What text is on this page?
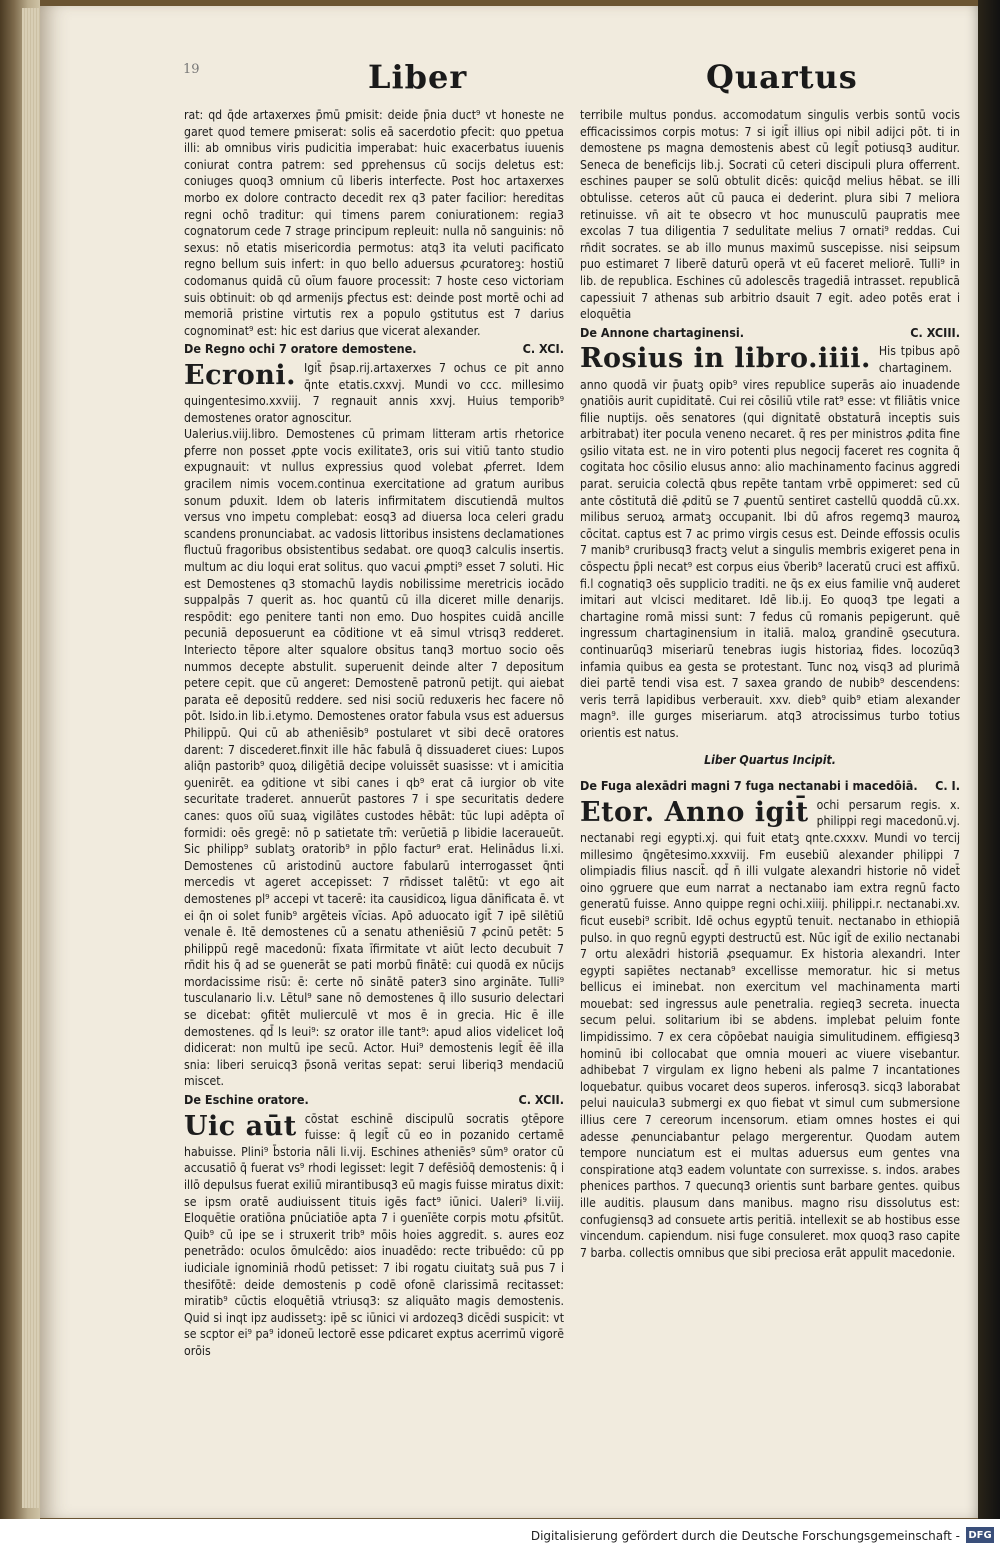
19	Liber	Quartus

rat: qd q̄de artaxerxes p̄mū ꝑmisit: deide p̄nia duct⁹ vt honeste ne garet quod temere ꝑmiserat: solis eā sacerdotio ꝑfecit: quo ꝑpetua illi: ab omnibus viris pudicitia imperabat: huic exacerbatus iuuenis coniurat contra patrem: sed ꝑprehensus cū socijs deletus est: coniuges quoq3 omnium cū liberis interfecte. Post hoc artaxerxes morbo ex dolore contracto decedit rex q3 pater facilior: hereditas regni ochō traditur: qui timens parem coniurationem: regia3 cognatorum cede 7 strage principum repleuit: nulla nō sanguinis: nō sexus: nō etatis misericordia permotus: atq3 ita veluti pacificato regno bellum suis infert: in quo bello aduersus ꝓcuratoreꝫ: hostiū codomanus quidā cū oīum fauore processit: 7 hoste ceso victoriam suis obtinuit: ob qd armenijs ꝑfectus est: deinde post mortē ochi ad memoriā pristine virtutis rex a populo ꝯstitutus est 7 darius cognominat⁹ est: hic est darius que vicerat alexander.

De Regno ochi 7 oratore demostene.	C. XCI.

Ecroni. Igit̄ p̄sap.rij.artaxerxes 7 ochus ce pit anno q̄nte etatis.cxxvj. Mundi vo ccc. millesimo quingentesimo.xxviij. 7 regnauit annis xxvj. Huius temporib⁹ demostenes orator agnoscitur.

Ualerius.viij.libro. Demostenes cū primam litteram artis rhetorice ꝑferre non posset ꝓpte vocis exilitate3, oris sui vitiū tanto studio expugnauit: vt nullus expressius quod volebat ꝓferret. Idem gracilem nimis vocem.continua exercitatione ad gratum auribus sonum ꝑduxit. Idem ob lateris infirmitatem discutiendā multos versus vno impetu complebat: eosq3 ad diuersa loca celeri gradu scandens pronunciabat. ac vadosis littoribus insistens declamationes fluctuū fragoribus obsistentibus sedabat. ore quoq3 calculis insertis. multum ac diu loqui erat solitus. quo vacui ꝓmpti⁹ esset 7 soluti. Hic est Demostenes q3 stomachū laydis nobilissime meretricis iocādo suppalpās 7 querit as. hoc quantū cū illa diceret mille denarijs. respōdit: ego penitere tanti non emo. Duo hospites cuidā ancille pecuniā deposuerunt ea cōditione vt eā simul vtrisq3 redderet. Interiecto tēpore alter squalore obsitus tanq3 mortuo socio oēs nummos decepte abstulit. superuenit deinde alter 7 depositum petere cepit. que cū angeret: Demostenē patronū petijt. qui aiebat parata eē depositū reddere. sed nisi sociū reduxeris hec facere nō pōt. Isido.in lib.i.etymo. Demostenes orator fabula vsus est aduersus Philippū. Qui cū ab atheniēsib⁹ postularet vt sibi decē oratores darent: 7 discederet.finxit ille hāc fabulā q̄ dissuaderet ciues: Lupos aliq̄n pastorib⁹ quoꝝ diligētiā decipe voluissēt suasisse: vt i amicitia ꝯuenirēt. ea ꝯditione vt sibi canes i qb⁹ erat cā iurgior ob vite securitate traderet. annuerūt pastores 7 i spe securitatis dedere canes: quos oīū suaꝝ vigilātes custodes hēbāt: tūc lupi adēpta oī formidi: oēs gregē: nō p satietate tm̄: verūetiā p libidie laceraueūt. Sic philipp⁹ sublatꝫ oratorib⁹ in pp̄lo factur⁹ erat. Helinādus li.xi. Demostenes cū aristodinū auctore fabularū interrogasset q̄nti mercedis vt ageret accepisset: 7 rn̄disset talētū: vt ego ait demostenes pl⁹ accepi vt tacerē: ita causidicoꝝ ligua dānificata ē. vt ei q̄n oi solet funib⁹ argēteis vīcias. Apō aduocato igit̄ 7 ipē silētiū venale ē. Itē demostenes cū a senatu atheniēsiū 7 ꝓcinū petēt: 5 philippū regē macedonū: fīxata īfirmitate vt aiūt lecto decubuit 7 rn̄dit his q̄ ad se ꝯuenerāt se pati morbū finātē: cui quodā ex nūcijs mordacissime risū: ē: certe nō sinātē pater3 sino argināte. Tulli⁹ tusculanario li.v. Lētul⁹ sane nō demostenes q̄ illo susurio delectari se dicebat: ꝯfitēt mulierculē vt mos ē in grecia. Hic ē ille demostenes. qd̄ ls leui⁹: sz orator ille tant⁹: apud alios videlicet loq̄ didicerat: non multū ipe secū. Actor. Hui⁹ demostenis legit̄ ēē illa snia: liberi seruicq3 p̄sonā veritas sepat: serui liberiq3 mendaciū miscet.

De Eschine oratore.	C. XCII.

Uic aūt cōstat eschinē discipulū socratis ꝯtēpore fuisse: q̄ legit̄ cū eo in pozanido certamē habuisse. Plini⁹ b̄storia nāli li.vij. Eschines atheniēs⁹ sūm⁹ orator cū accusatiō q̄ fuerat vs⁹ rhodi legisset: legit 7 defēsiōq̄ demostenis: q̄ i illō depulsus fuerat exiliū mirantibusq3 eū magis fuisse miratus dixit: se ipsm oratē audiuissent tituis igēs fact⁹ iūnici. Ualeri⁹ li.viij. Eloquētie oratiōna ꝑnūciatiōe apta 7 i ꝯuenīēte corpis motu ꝓfsitūt. Quib⁹ cū ipe se i struxerit trib⁹ mōis hoies aggredit. s. aures eoz penetrādo: oculos ōmulcēdo: aios inuadēdo: recte tribuēdo: cū pp iudiciale ignominiā rhodū petisset: 7 ibi rogatu ciuitatꝫ suā pus 7 i thesifōtē: deide demostenis p codē ofonē clarissimā recitasset: miratib⁹ cūctis eloquētiā vtriusq3: sz aliquāto magis demostenis. Quid si inqt ipz audissetꝫ: ipē sc iūnici vi ardozeq3 dicēdi suspicit: vt se scptor ei⁹ pa⁹ idoneū lectorē esse pdicaret exptus acerrimū vigorē orōis

terribile multus pondus. accomodatum singulis verbis sontū vocis efficacissimos corpis motus: 7 si igit̄ illius opi nibil adijci pōt. ti in demostene ps magna demostenis abest cū legit̄ potiusq3 auditur. Seneca de beneficijs lib.j. Socrati cū ceteri discipuli plura offerrent. eschines pauper se solū obtulit dicēs: quicq̄d melius hēbat. se illi obtulisse. ceteros aūt cū pauca ei dederint. plura sibi 7 meliora retinuisse. vn̄ ait te obsecro vt hoc munusculū paupratis mee excolas 7 tua diligentia 7 sedulitate melius 7 ornati⁹ reddas. Cui rn̄dit socrates. se ab illo munus maximū suscepisse. nisi seipsum puo estimaret 7 liberē daturū operā vt eū faceret meliorē. Tulli⁹ in lib. de republica. Eschines cū adolescēs tragediā intrasset. republicā capessiuit 7 athenas sub arbitrio dsauit 7 egit. adeo potēs erat i eloquētia

De Annone chartaginensi.	C. XCIII.

Rosius in libro.iiii. His tpibus apō chartaginem. anno quodā vir p̄uatꝫ opib⁹ vires republice superās aio inuadende ꝯnatiōis aurit cupiditatē. Cui rei cōsiliū vtile rat⁹ esse: vt filiātis vnice filie nuptijs. oēs senatores (qui dignitatē obstaturā inceptis suis arbitrabat) iter pocula veneno necaret. q̄ res per ministros ꝓdita fine ꝯsilio vitata est. ne in viro potenti plus negocij faceret res cognita q̄ cogitata hoc cōsilio elusus anno: alio machinamento facinus aggredi parat. seruicia colectā qbus repēte tantam vrbē oppimeret: sed cū ante cōstitutā diē ꝓditū se 7 ꝓuentū sentiret castellū quoddā cū.xx. milibus seruoꝝ armatꝫ occupanit. Ibi dū afros regemq3 mauroꝝ cōcitat. captus est 7 ac primo virgis cesus est. Deinde effossis oculis 7 manib⁹ cruribusq3 fractꝫ velut a singulis membris exigeret pena in cōspectu p̄pli necat⁹ est corpus eius v̄berib⁹ laceratū cruci est affixū. fi.l cognatiq3 oēs supplicio traditi. ne q̄s ex eius familie vnq̄ auderet imitari aut vlcisci meditaret. Idē lib.ij. Eo quoq3 tpe legati a chartagine romā missi sunt: 7 fedus cū romanis pepigerunt. quē ingressum chartaginensium in italiā. maloꝝ grandinē ꝯsecutura. continuarūq3 miseriarū tenebras iugis historiaꝝ fides. locozūq3 infamia quibus ea gesta se protestant. Tunc noꝝ visq3 ad plurimā diei partē tendi visa est. 7 saxea grando de nubib⁹ descendens: veris terrā lapidibus verberauit. xxv. dieb⁹ quib⁹ etiam alexander magn⁹. ille gurges miseriarum. atq3 atrocissimus turbo totius orientis est natus.

Liber Quartus Incipit.
De Fuga alexādri magni 7 fuga nectanabi i macedōiā. C. I.

Etor. Anno igit̄ ochi persarum regis. x. philippi regi macedonū.vj. nectanabi regi egypti.xj. qui fuit etatꝫ qnte.cxxxv. Mundi vo tercij millesimo q̄ngētesimo.xxxviij. Fm eusebiū alexander philippi 7 olimpiadis filius nascit̄. qd̄ n̄ illi vulgate alexandri historie nō videt̄ oino ꝯgruere que eum narrat a nectanabo iam extra regnū facto generatū fuisse. Anno quippe regni ochi.xiiij. philippi.r. nectanabi.xv. ficut eusebi⁹ scribit. Idē ochus egyptū tenuit. nectanabo in ethiopiā pulso. in quo regnū egypti destructū est. Nūc igit̄ de exilio nectanabi 7 ortu alexādri historiā ꝓsequamur. Ex historia alexandri. Inter egypti sapiētes nectanab⁹ excellisse memoratur. hic si metus bellicus ei iminebat. non exercitum vel machinamenta marti mouebat: sed ingressus aule penetralia. regieq3 secreta. inuecta secum pelui. solitarium ibi se abdens. implebat peluim fonte limpidissimo. 7 ex cera cōpōebat nauigia simulitudinem. effigiesq3 hominū ibi collocabat que omnia moueri ac viuere visebantur. adhibebat 7 virgulam ex ligno hebeni als palme 7 incantationes loquebatur. quibus vocaret deos superos. inferosq3. sicq3 laborabat pelui nauicula3 submergi ex quo fiebat vt simul cum submersione illius cere 7 cereorum incensorum. etiam omnes hostes ei qui adesse ꝓenunciabantur pelago mergerentur. Quodam autem tempore nunciatum est ei multas aduersus eum gentes vna conspiratione atq3 eadem voluntate con surrexisse. s. indos. arabes phenices parthos. 7 quecunq3 orientis sunt barbare gentes. quibus ille auditis. plausum dans manibus. magno risu dissolutus est: confugiensq3 ad consuete artis peritiā. intellexit se ab hostibus esse vincendum. capiendum. nisi fuge consuleret. mox quoq3 raso capite 7 barba. collectis omnibus que sibi preciosa erāt appulit macedonie.

Digitalisierung gefördert durch die Deutsche Forschungsgemeinschaft - DFG
